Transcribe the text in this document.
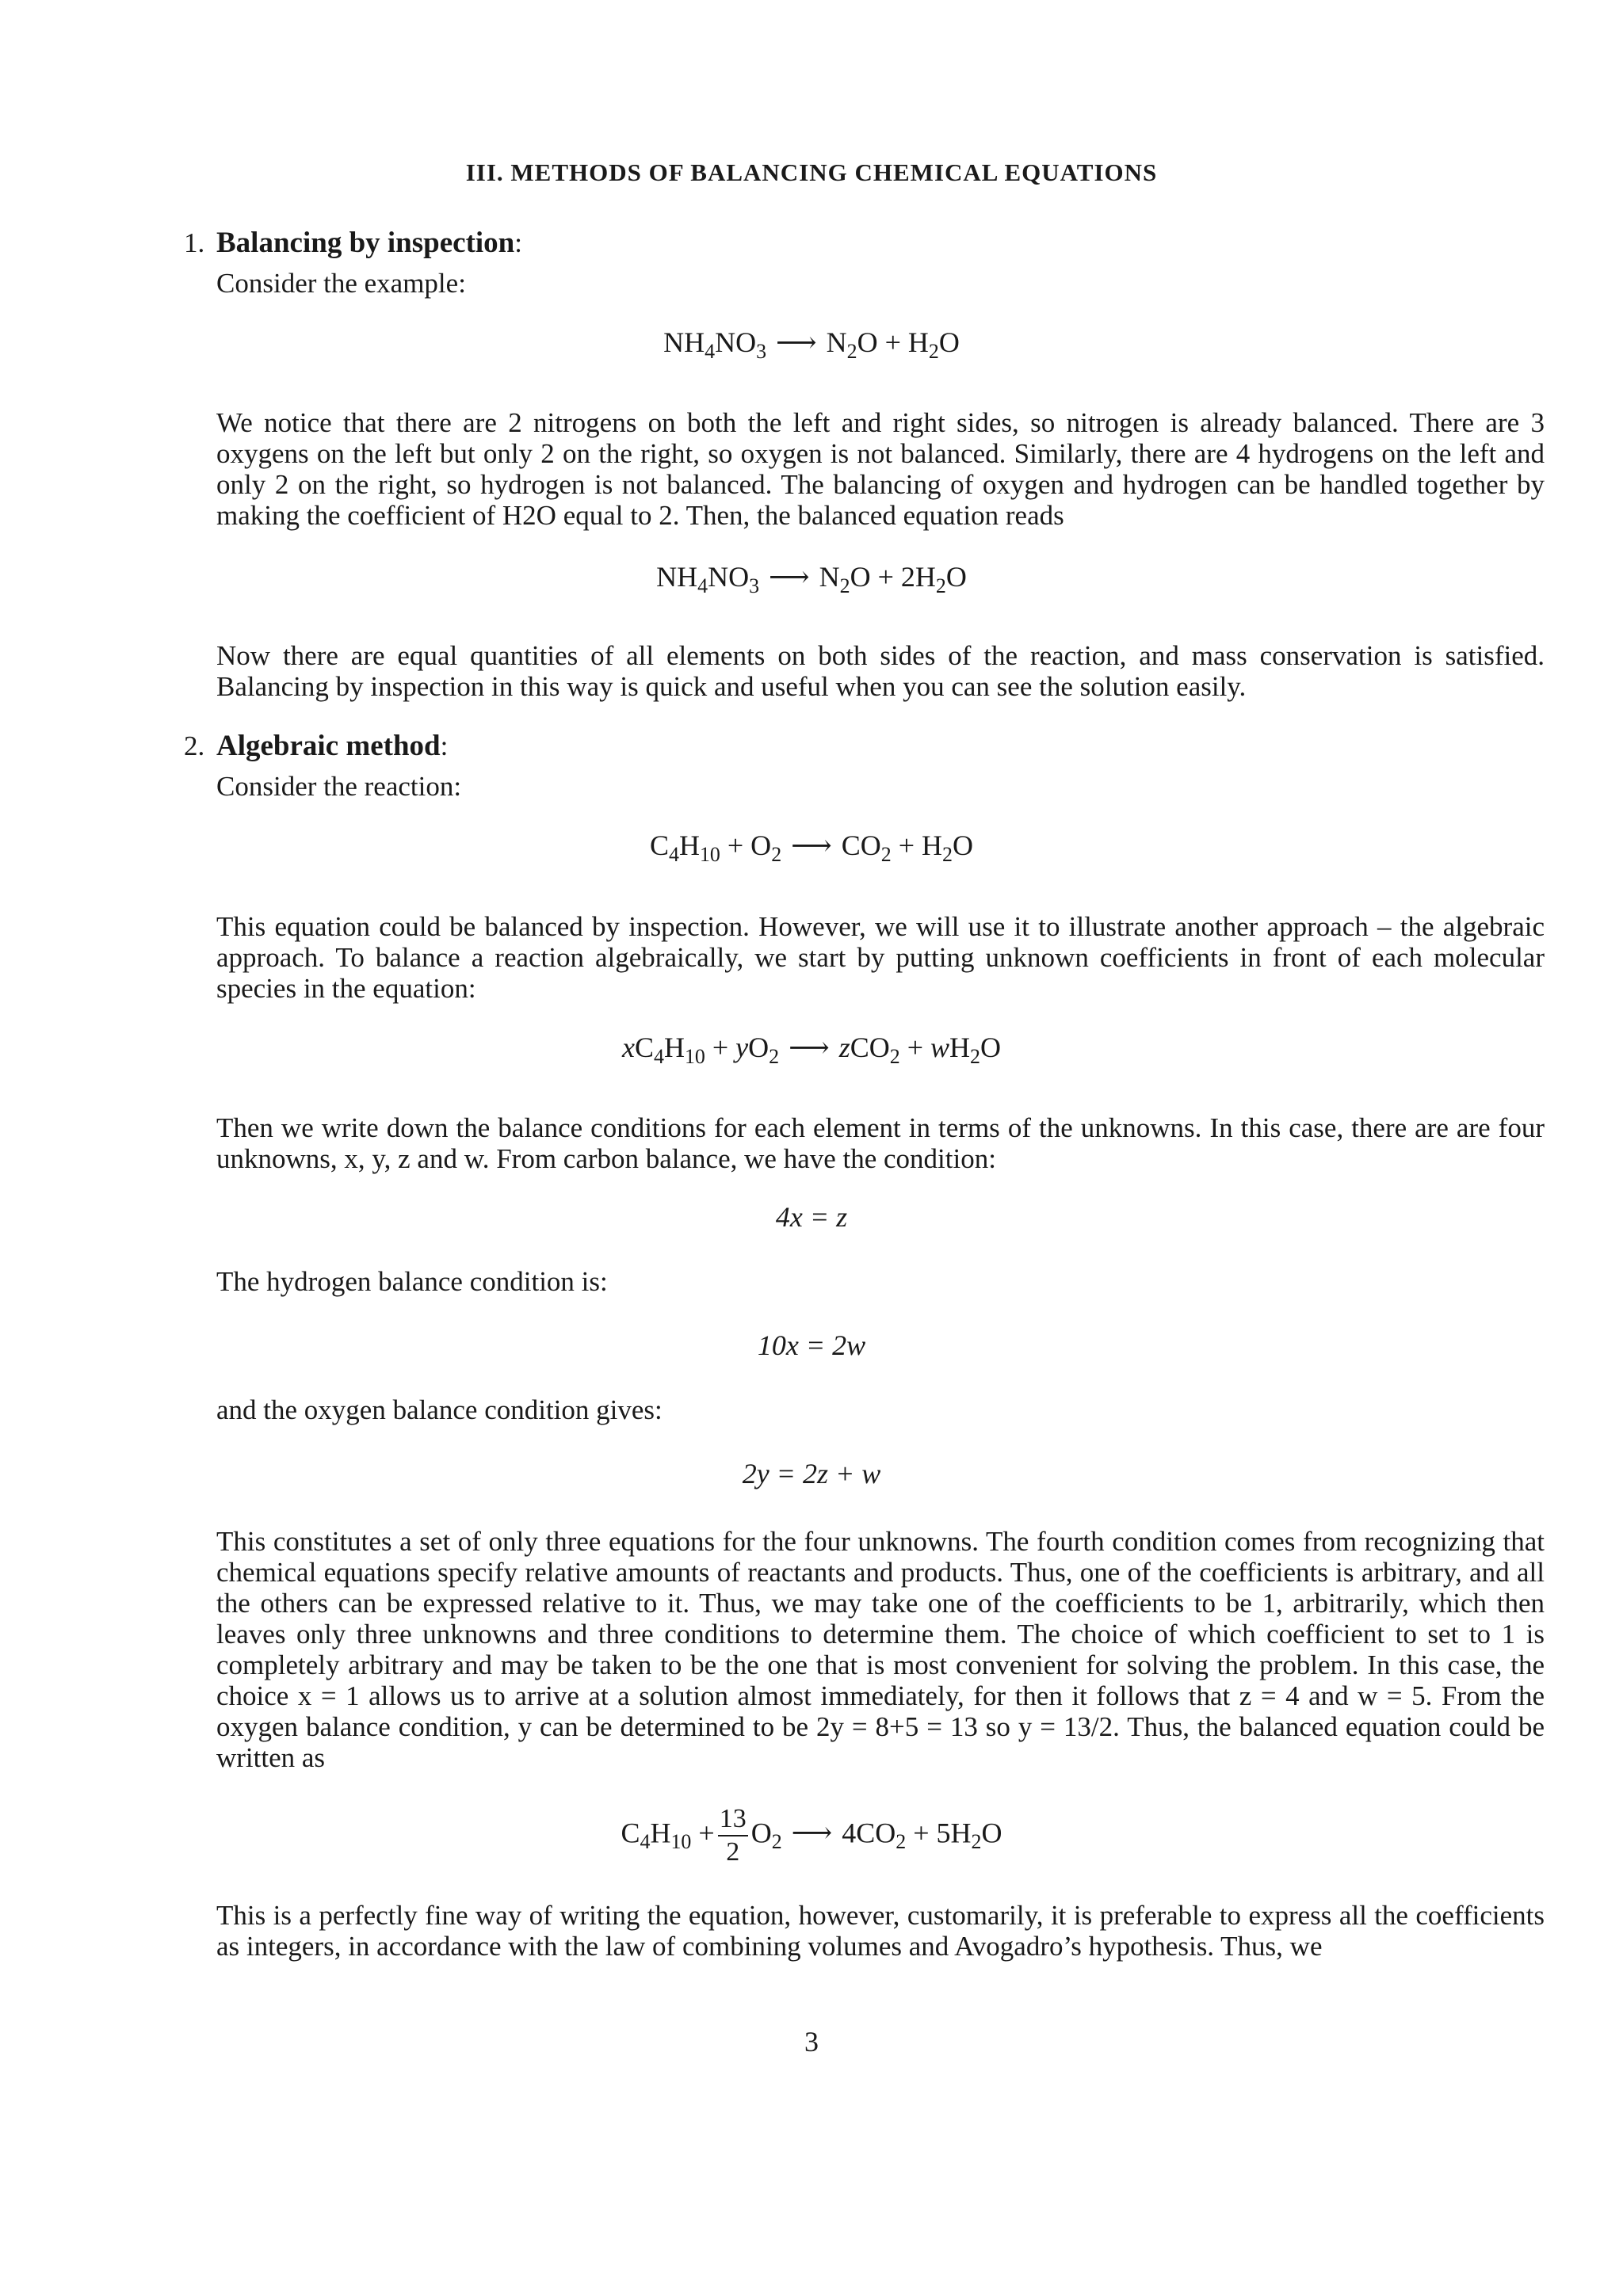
III. METHODS OF BALANCING CHEMICAL EQUATIONS
1. Balancing by inspection:
Consider the example:
$NH_4NO_3$ ⟶ $N_2O + H_2O$
We notice that there are 2 nitrogens on both the left and right sides, so nitrogen is already balanced. There are 3 oxygens on the left but only 2 on the right, so oxygen is not balanced. Similarly, there are 4 hydrogens on the left and only 2 on the right, so hydrogen is not balanced. The balancing of oxygen and hydrogen can be handled together by making the coefficient of H2O equal to 2. Then, the balanced equation reads
$NH_4NO_3$ ⟶ $N_2O + 2H_2O$
Now there are equal quantities of all elements on both sides of the reaction, and mass conservation is satisfied. Balancing by inspection in this way is quick and useful when you can see the solution easily.
2. Algebraic method:
Consider the reaction:
$C_4H_{10} + O_2$ ⟶ $CO_2 + H_2O$
This equation could be balanced by inspection. However, we will use it to illustrate another approach – the algebraic approach. To balance a reaction algebraically, we start by putting unknown coefficients in front of each molecular species in the equation:
$xC_4H_{10} + yO_2$ ⟶ $zCO_2 + wH_2O$
Then we write down the balance conditions for each element in terms of the unknowns. In this case, there are are four unknowns, x, y, z and w. From carbon balance, we have the condition:
4x = z
The hydrogen balance condition is:
10x = 2w
and the oxygen balance condition gives:
2y = 2z + w
This constitutes a set of only three equations for the four unknowns. The fourth condition comes from recognizing that chemical equations specify relative amounts of reactants and products. Thus, one of the coefficients is arbitrary, and all the others can be expressed relative to it. Thus, we may take one of the coefficients to be 1, arbitrarily, which then leaves only three unknowns and three conditions to determine them. The choice of which coefficient to set to 1 is completely arbitrary and may be taken to be the one that is most convenient for solving the problem. In this case, the choice x = 1 allows us to arrive at a solution almost immediately, for then it follows that z = 4 and w = 5. From the oxygen balance condition, y can be determined to be 2y = 8+5 = 13 so y = 13/2. Thus, the balanced equation could be written as
$C_4H_{10} + \frac{13}{2} O_2$ ⟶ $4CO_2 + 5H_2O$
This is a perfectly fine way of writing the equation, however, customarily, it is preferable to express all the coefficients as integers, in accordance with the law of combining volumes and Avogadro’s hypothesis. Thus, we
3
